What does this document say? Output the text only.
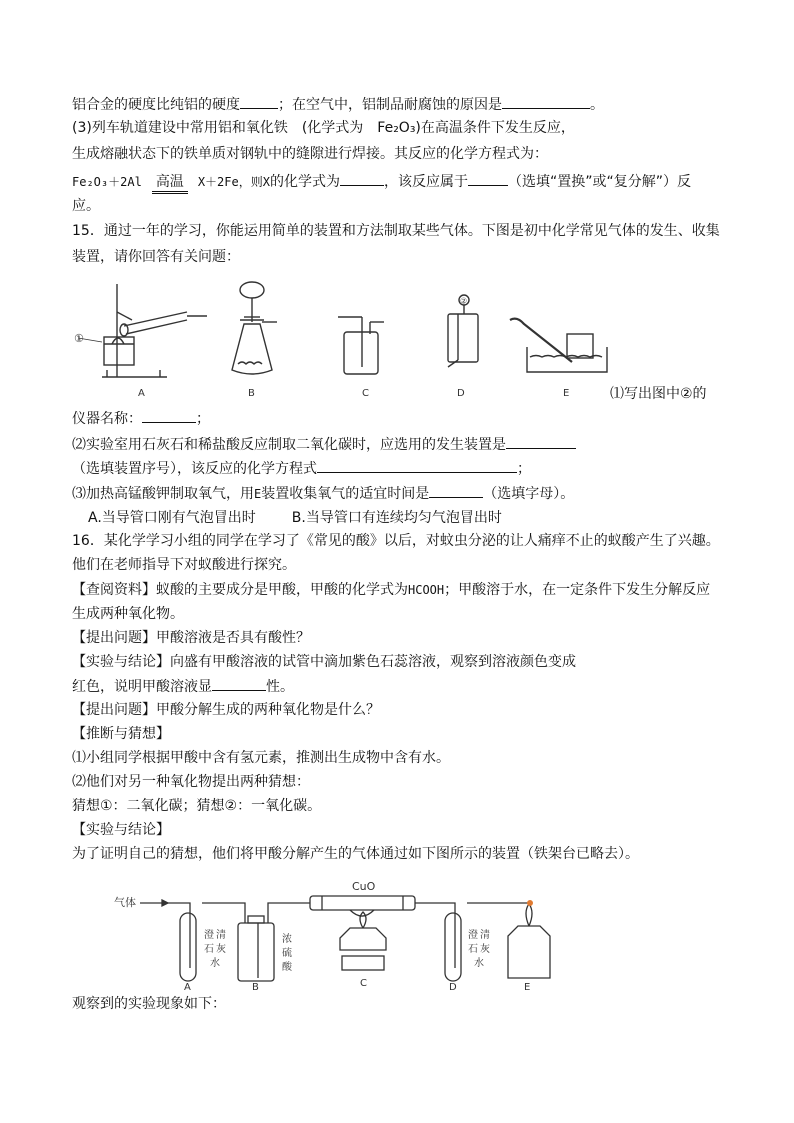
铝合金的硬度比纯铝的硬度	；在空气中，铝制品耐腐蚀的原因是	。
(3)列车轨道建设中常用铝和氧化铁　(化学式为　Fe₂O₃)在高温条件下发生反应，
生成熔融状态下的铁单质对钢轨中的缝隙进行焊接。其反应的化学方程式为：
Fe₂O₃＋2Al 高温	X＋2Fe，则X的化学式为	，该反应属于	（选填“置换”或“复分解”）反
应。
15．通过一年的学习，你能运用简单的装置和方法制取某些气体。下图是初中化学常见气体的发生、收集
装置，请你回答有关问题：
①
A	B	C
②
D	E	⑴写出图中②的
仪器名称：	；
⑵实验室用石灰石和稀盐酸反应制取二氧化碳时，应选用的发生装置是
（选填装置序号），该反应的化学方程式	；
⑶加热高锰酸钾制取氧气，用E装置收集氧气的适宜时间是	（选填字母）。
A.当导管口刚有气泡冒出时	B.当导管口有连续均匀气泡冒出时
16．某化学学习小组的同学在学习了《常见的酸》以后，对蚊虫分泌的让人痛痒不止的蚁酸产生了兴趣。
他们在老师指导下对蚁酸进行探究。
【查阅资料】蚁酸的主要成分是甲酸，甲酸的化学式为HCOOH；甲酸溶于水，在一定条件下发生分解反应
生成两种氧化物。
【提出问题】甲酸溶液是否具有酸性？
【实验与结论】向盛有甲酸溶液的试管中滴加紫色石蕊溶液，观察到溶液颜色变成
红色，说明甲酸溶液显	性。
【提出问题】甲酸分解生成的两种氧化物是什么？
【推断与猜想】
⑴小组同学根据甲酸中含有氢元素，推测出生成物中含有水。
⑵他们对另一种氧化物提出两种猜想：
猜想①：二氧化碳；猜想②：一氧化碳。
【实验与结论】
为了证明自己的猜想，他们将甲酸分解产生的气体通过如下图所示的装置（铁架台已略去）。
气体
CuO
澄 清
石 灰
水
浓
硫
酸
澄 清
石 灰
水
A	B	C	D	E
观察到的实验现象如下：
